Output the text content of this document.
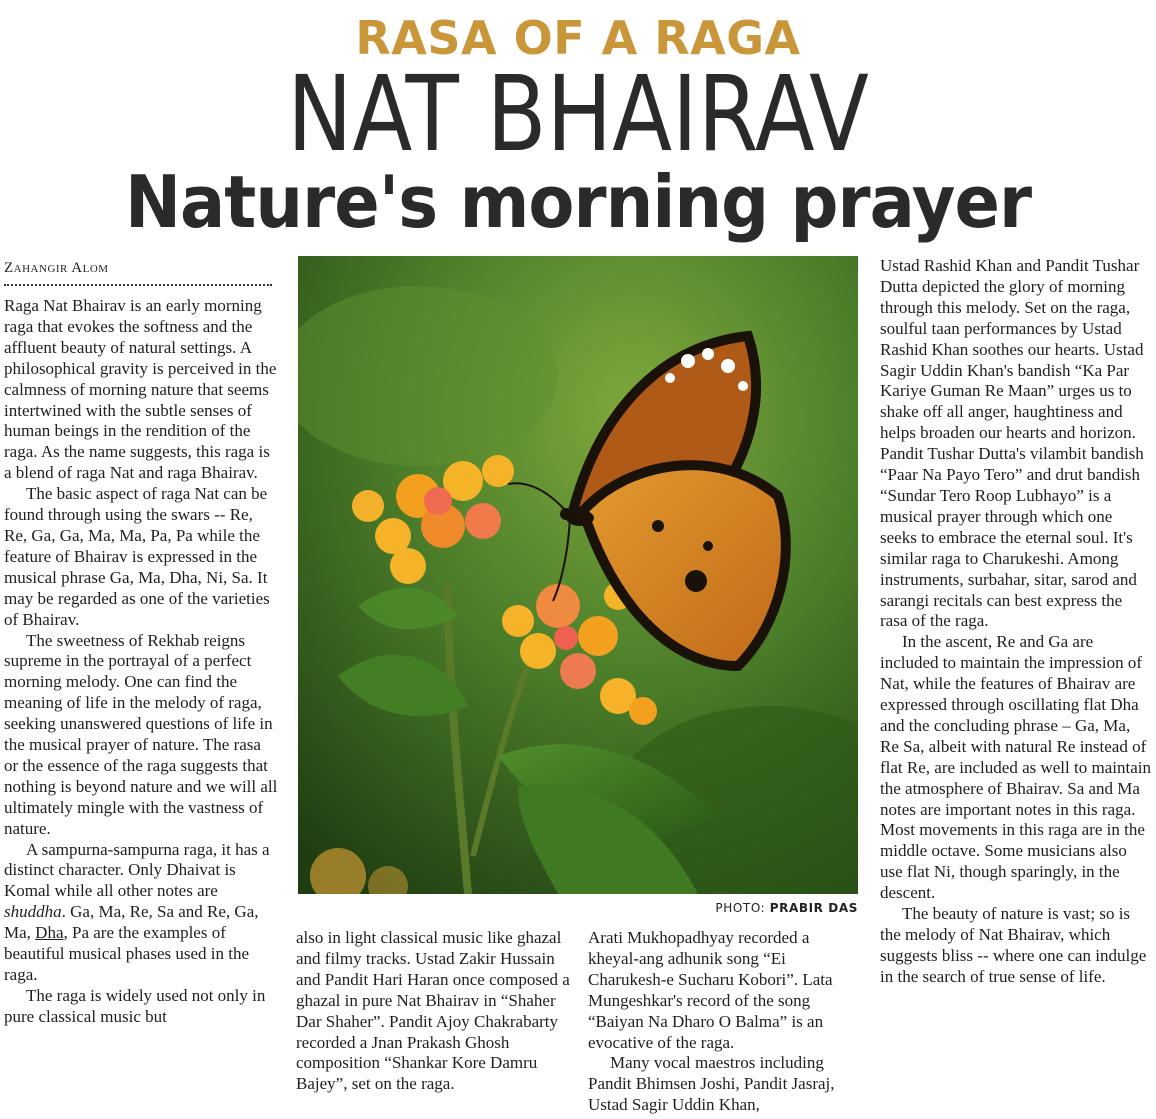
RASA OF A RAGA
NAT BHAIRAV
Nature's morning prayer
Zahangir Alom

Raga Nat Bhairav is an early morning raga that evokes the softness and the affluent beauty of natural settings. A philosophical gravity is perceived in the calmness of morning nature that seems intertwined with the subtle senses of human beings in the rendition of the raga. As the name suggests, this raga is a blend of raga Nat and raga Bhairav.

The basic aspect of raga Nat can be found through using the swars -- Re, Re, Ga, Ga, Ma, Ma, Pa, Pa while the feature of Bhairav is expressed in the musical phrase Ga, Ma, Dha, Ni, Sa. It may be regarded as one of the varieties of Bhairav.

The sweetness of Rekhab reigns supreme in the portrayal of a perfect morning melody. One can find the meaning of life in the melody of raga, seeking unanswered questions of life in the musical prayer of nature. The rasa or the essence of the raga suggests that nothing is beyond nature and we will all ultimately mingle with the vastness of nature.

A sampurna-sampurna raga, it has a distinct character. Only Dhaivat is Komal while all other notes are shuddha. Ga, Ma, Re, Sa and Re, Ga, Ma, Dha, Pa are the examples of beautiful musical phases used in the raga.

The raga is widely used not only in pure classical music but

PHOTO: PRABIR DAS

also in light classical music like ghazal and filmy tracks. Ustad Zakir Hussain and Pandit Hari Haran once composed a ghazal in pure Nat Bhairav in “Shaher Dar Shaher”. Pandit Ajoy Chakrabarty recorded a Jnan Prakash Ghosh composition “Shankar Kore Damru Bajey”, set on the raga.

Arati Mukhopadhyay recorded a kheyal-ang adhunik song “Ei Charukesh-e Sucharu Kobori”. Lata Mungeshkar's record of the song “Baiyan Na Dharo O Balma” is an evocative of the raga.

Many vocal maestros including Pandit Bhimsen Joshi, Pandit Jasraj, Ustad Sagir Uddin Khan,

Ustad Rashid Khan and Pandit Tushar Dutta depicted the glory of morning through this melody. Set on the raga, soulful taan performances by Ustad Rashid Khan soothes our hearts. Ustad Sagir Uddin Khan's bandish “Ka Par Kariye Guman Re Maan” urges us to shake off all anger, haughtiness and helps broaden our hearts and horizon. Pandit Tushar Dutta's vilambit bandish “Paar Na Payo Tero” and drut bandish “Sundar Tero Roop Lubhayo” is a musical prayer through which one seeks to embrace the eternal soul. It's similar raga to Charukeshi. Among instruments, surbahar, sitar, sarod and sarangi recitals can best express the rasa of the raga.

In the ascent, Re and Ga are included to maintain the impression of Nat, while the features of Bhairav are expressed through oscillating flat Dha and the concluding phrase – Ga, Ma, Re Sa, albeit with natural Re instead of flat Re, are included as well to maintain the atmosphere of Bhairav. Sa and Ma notes are important notes in this raga. Most movements in this raga are in the middle octave. Some musicians also use flat Ni, though sparingly, in the descent.

The beauty of nature is vast; so is the melody of Nat Bhairav, which suggests bliss -- where one can indulge in the search of true sense of life.
